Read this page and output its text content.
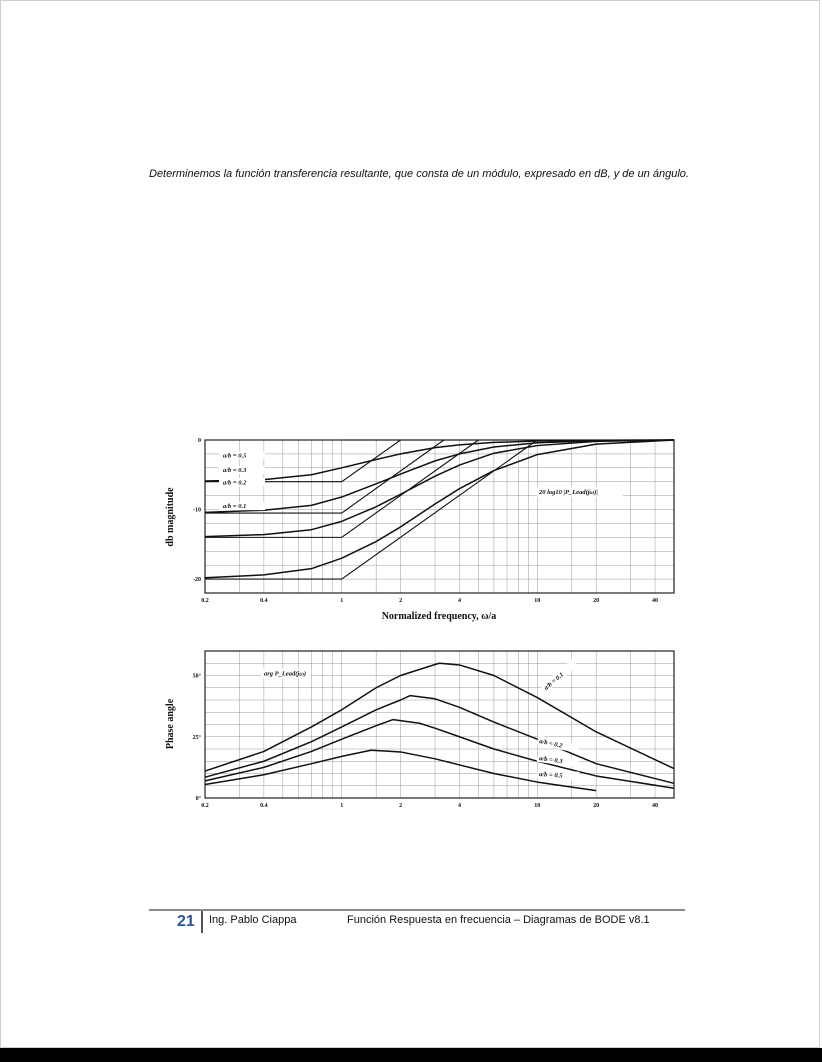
Determinemos la función transferencia resultante, que consta de un módulo, expresado en dB, y de un ángulo.

0.2	0.4	1	2	4	10	20	40
0
-10
-20
Normalized frequency, ω/a
db magnitude
a/b = 0.5
a/b = 0.3
a/b = 0.2
a/b = 0.1
20 log10 |P_Lead(jω)|
0.2	0.4	1	2	4	10	20	40
0°
25°
50°
Phase angle
arg P_Lead(jω)	a/b = 0.1
a/b = 0.2
a/b = 0.3
a/b = 0.5
21 Ing. Pablo Ciappa	Función Respuesta en frecuencia – Diagramas de BODE v8.1
